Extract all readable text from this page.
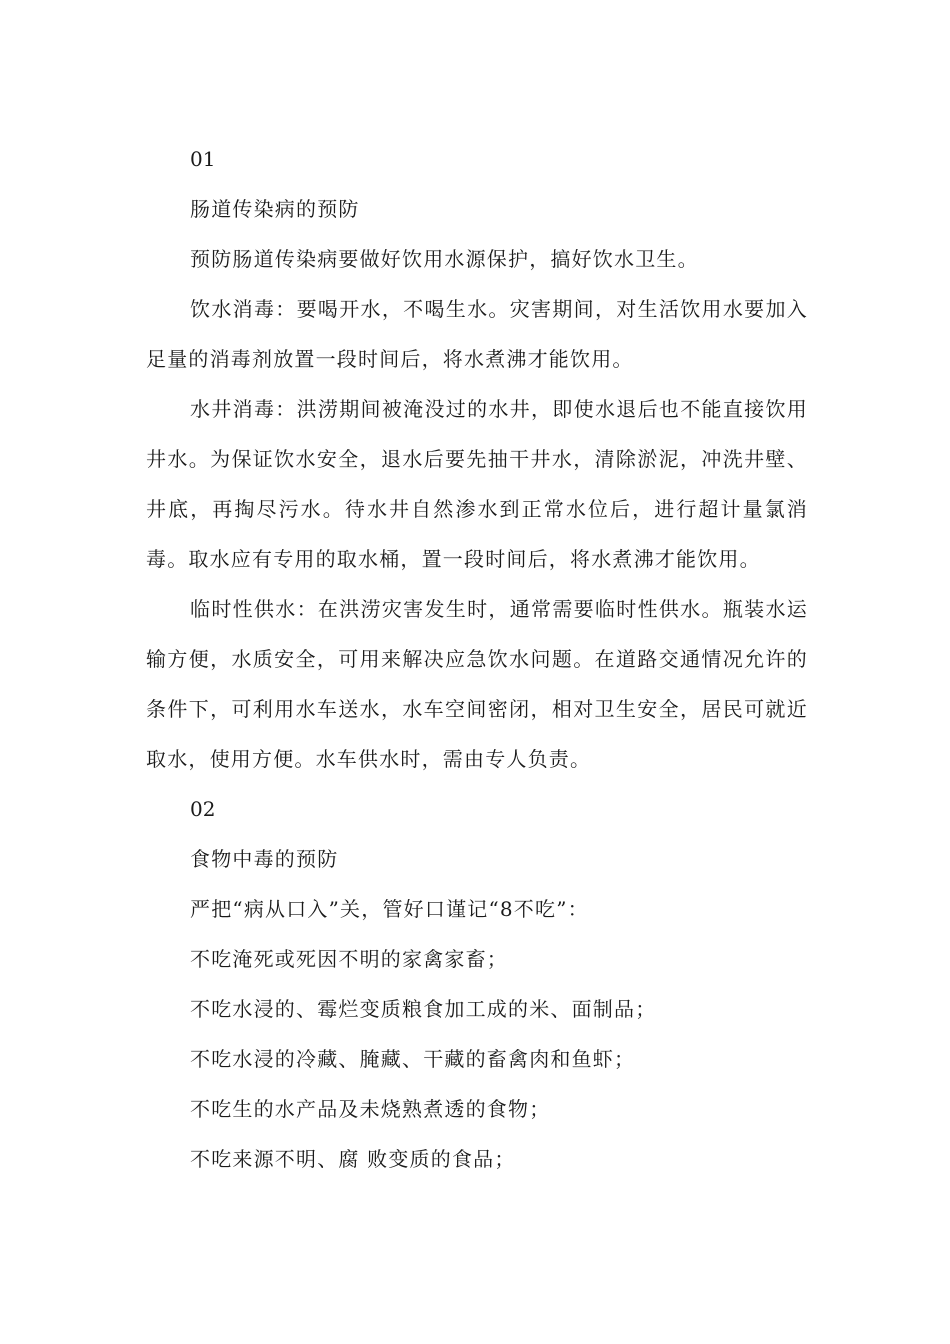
01

肠道传染病的预防

预防肠道传染病要做好饮用水源保护，搞好饮水卫生。

饮水消毒：要喝开水，不喝生水。灾害期间，对生活饮用水要加入足量的消毒剂放置一段时间后，将水煮沸才能饮用。

水井消毒：洪涝期间被淹没过的水井，即使水退后也不能直接饮用井水。为保证饮水安全，退水后要先抽干井水，清除淤泥，冲洗井壁、井底，再掏尽污水。待水井自然渗水到正常水位后，进行超计量氯消毒。取水应有专用的取水桶，置一段时间后，将水煮沸才能饮用。

临时性供水：在洪涝灾害发生时，通常需要临时性供水。瓶装水运输方便，水质安全，可用来解决应急饮水问题。在道路交通情况允许的条件下，可利用水车送水，水车空间密闭，相对卫生安全，居民可就近取水，使用方便。水车供水时，需由专人负责。

02

食物中毒的预防

严把“病从口入”关，管好口谨记“8不吃”：

不吃淹死或死因不明的家禽家畜；

不吃水浸的、霉烂变质粮食加工成的米、面制品；

不吃水浸的冷藏、腌藏、干藏的畜禽肉和鱼虾；

不吃生的水产品及未烧熟煮透的食物；

不吃来源不明、腐 败变质的食品；
